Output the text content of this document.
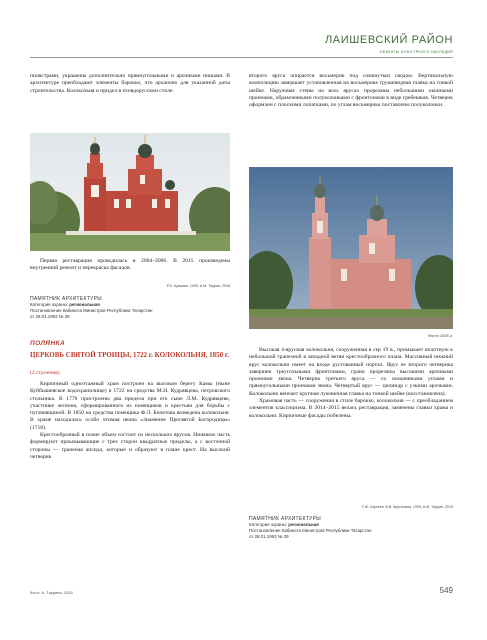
ЛАИШЕВСКИЙ РАЙОН
ОБЪЕКТЫ КУЛЬТУРНОГО НАСЛЕДИЯ

пилястрами, украшены дополнительно прямоугольными и арочными нишами. В архитектуре преобладают элементы барокко, что архаично для указанной даты строительства. Колокольня и придел в псевдорусском стиле.

Первая реставрация проводилась в 2004–2006. В 2015 произведены внутренний ремонт и перекраска фасадов.

Р.Х. Кузьмин, 1999; А.М. Таурин, 2018
ПАМЯТНИК АРХИТЕКТУРЫ
Категория охраны: региональная
Постановление Кабинета Министров Республики Татарстан
от 28.01.1993 № 39
ПОЛЯНКА
ЦЕРКОВЬ СВЯТОЙ ТРОИЦЫ, 1722 г. КОЛОКОЛЬНЯ, 1850 г.
(2 строения)

Кирпичный одноэтажный храм построен на высоком берегу Камы (ныне Куйбышевское водохранилище) в 1722 на средства М.Н. Кудрявцева, петровского стольника. В 1776 пристроены два придела при его сыне Л.М. Кудрявцеве, участнике легиона, сформированного из помещиков и крестьян для борьбы с пугачевщиной. В 1850 на средства помещика Ф.Л. Билетова возведена колокольня. В храме находилась особо чтимая икона «Знамение Пресвятой Богородицы» (1718).

Крестообразный в плане объем состоит из нескольких ярусов. Нижнюю часть формируют приымывающие с трех сторон квадратные приделы, а с восточной стороны — граненая апсида, которые и образуют в плане крест. На высокий четверик

второго яруса опирается восьмерик под сомкнутым сводом. Вертикальную композицию завершает установленная на восьмерике грушевидная главка на тонкой шейке. Наружные стены на всех ярусах прорезаны небольшими оконными проемами, обрамленными полуколонками с фронтонами в виде гребешков. Четверик оформлен с плоскими лопатками, по углам восьмерика поставлены полуколонки.

Фото 2005 г.

Высокая 4-ярусная колокольня, сооруженная в сер 19 в., примыкает вплотную к небольшой трапезной в западной ветви крестообразного плана. Массивный нижний ярус колокольни имеет на входе рустованный портал. Ярус ее второго четверика завершен треугольными фронтонами, грани прорезаны высокими арочными проемами звона. Четверик третьего яруса — со скошенными углами и прямоугольными проемами звона. Четвертый ярус — цилиндр с узкими арочками. Колокольню венчает крупная луковичная главка на тонкой шейке (восстановлена).

Храмовая часть — сооружения в стиле барокко, колокольня — с преобладанием элементов классицизма. В 2014–2015 велась реставрация, заменены главки храма и колокольни. Кирпичные фасады побелены.

Г.Ж. Сергеев, В.В. Крутилина, 1999; А.М. Таурин, 2015
ПАМЯТНИК АРХИТЕКТУРЫ
Категория охраны: региональная
Постановление Кабинета Министров Республики Татарстан
от 28.01.1993 № 39
Фото: А. Таурина, 2015	549
